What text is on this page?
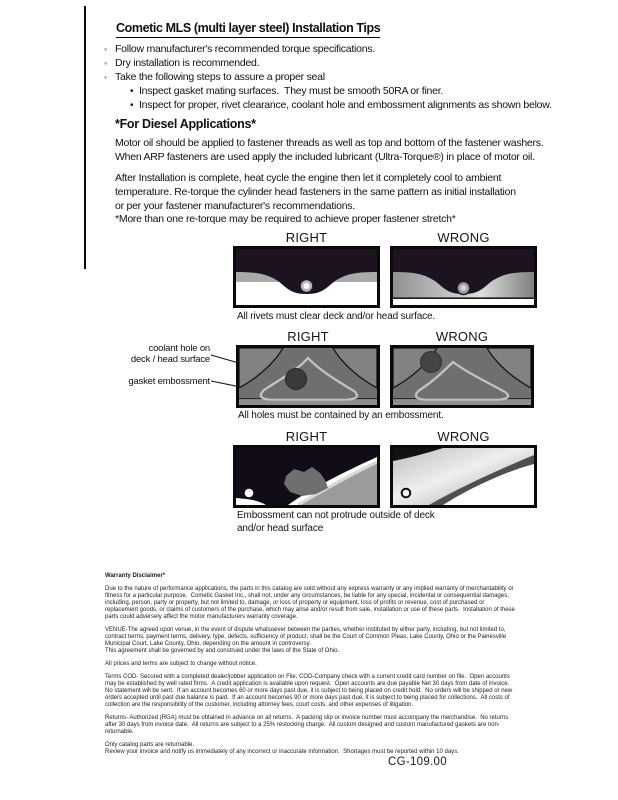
Cometic MLS (multi layer steel) Installation Tips
◦ Follow manufacturer's recommended torque specifications.
◦ Dry installation is recommended.
◦ Take the following steps to assure a proper seal
• Inspect gasket mating surfaces.  They must be smooth 50RA or finer.
• Inspect for proper, rivet clearance, coolant hole and embossment alignments as shown below.
*For Diesel Applications*
Motor oil should be applied to fastener threads as well as top and bottom of the fastener washers.
When ARP fasteners are used apply the included lubricant (Ultra-Torque®) in place of motor oil.
After Installation is complete, heat cycle the engine then let it completely cool to ambient
temperature. Re-torque the cylinder head fasteners in the same pattern as initial installation
or per your fastener manufacturer's recommendations.
*More than one re-torque may be required to achieve proper fastener stretch*
RIGHT	WRONG
All rivets must clear deck and/or head surface.
RIGHT	WRONG
coolant hole on
deck / head surface
gasket embossment
All holes must be contained by an embossment.
RIGHT	WRONG
Embossment can not protrude outside of deck
and/or head surface

Warranty Disclaimer*

Due to the nature of performance applications, the parts in this catalog are sold without any express warranty or any implied warranty of merchantability or fitness for a particular purpose.  Cometic Gasket Inc., shall not, under any circumstances, be liable for any special, incidental or consequential damages, including, person, party or property, but not limited to, damage, or loss of property or equipment, loss of profits or revenue, cost of purchased or replacement goods, or claims of customers of the purchase, which may arise and/or result from sale, installation or use of these parts.  Installation of these parts could adversely affect the motor manufacturers warranty coverage.

VENUE-The agreed upon venue, in the event of dispute whatsoever between the parties, whether instituted by either party, including, but not limited to, contract terms, payment terms, delivery, type, defects, sufficiency of product, shall be the Court of Common Pleas, Lake County, Ohio or the Painesville Municipal Court, Lake County, Ohio, depending on the amount in controversy.

This agreement shall be governed by and construed under the laws of the State of Ohio.

All prices and terms are subject to change without notice.

Terms COD- Secured with a completed dealer/jobber application on File, COD-Company check with a current credit card number on file.  Open accounts may be established by well rated firms.  A credit application is available upon request.  Open accounts are due payable Net 30 days from date of invoice.  No statement will be sent.  If an account becomes 60 or more days past due, it is subject to being placed on credit hold.  No orders will be shipped or new orders accepted until past due balance is paid.  If an account becomes 90 or more days past due, it is subject to being placed for collections.  All costs of collection are the responsibility of the customer, including attorney fees, court costs, and other expenses of litigation.

Returns- Authorized (RGA) must be obtained in advance on all returns.  A packing slip or invoice number must accompany the merchandise.  No returns after 30 days from invoice date.  All returns are subject to a 25% restocking charge.  All custom designed and custom manufactured gaskets are non-returnable.

Only catalog parts are returnable.

Review your invoice and notify us immediately of any incorrect or inaccurate information.  Shortages must be reported within 10 days.

CG-109.00
